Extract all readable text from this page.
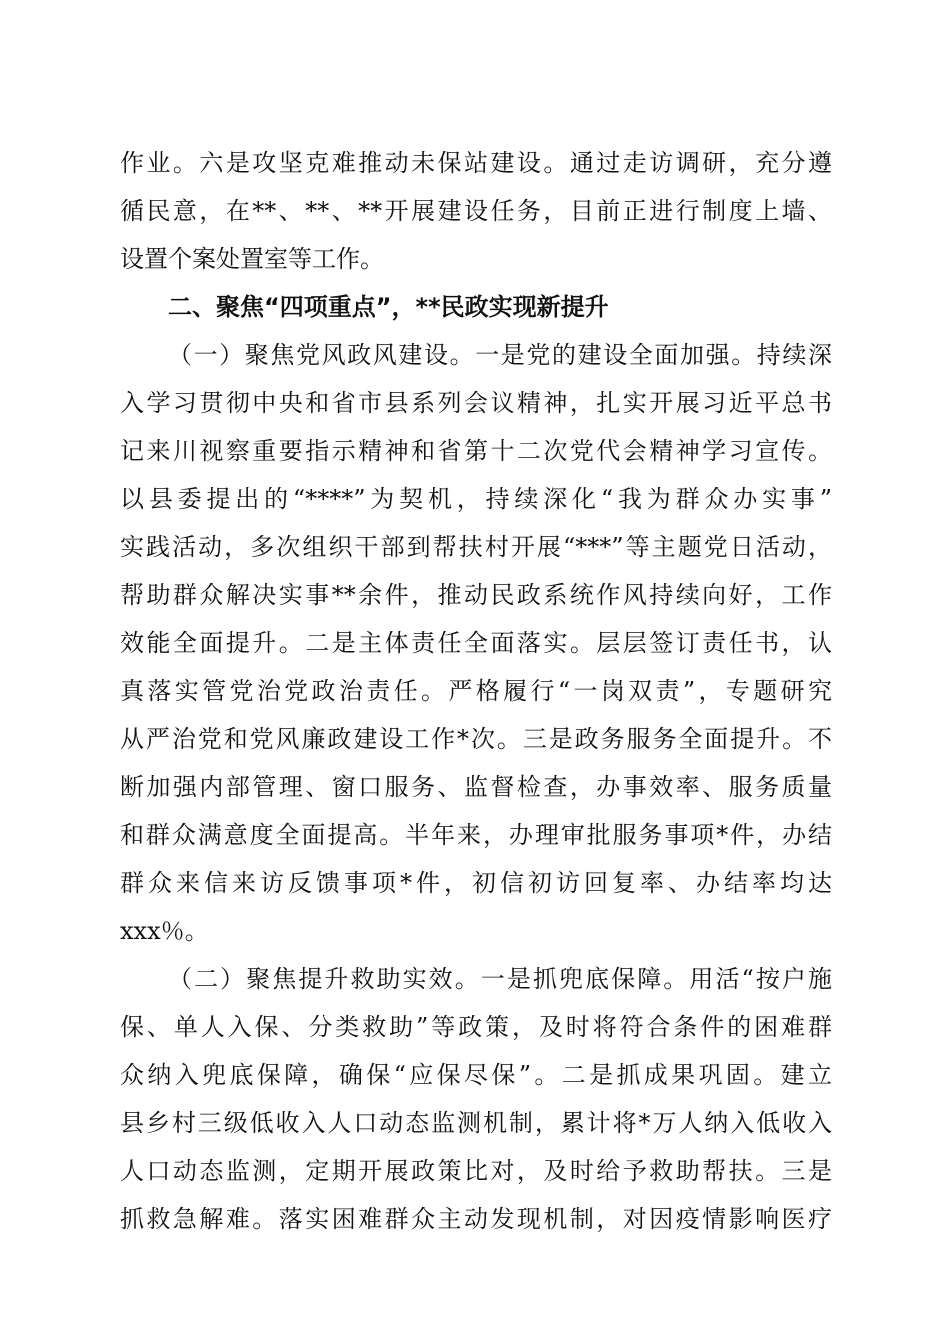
作业。六是攻坚克难推动未保站建设。通过走访调研，充分遵
循民意，在**、**、**开展建设任务，目前正进行制度上墙、
设置个案处置室等工作。
二、聚焦“四项重点”，**民政实现新提升
（一）聚焦党风政风建设。一是党的建设全面加强。持续深
入学习贯彻中央和省市县系列会议精神，扎实开展习近平总书
记来川视察重要指示精神和省第十二次党代会精神学习宣传。
以县委提出的“****”为契机，持续深化“我为群众办实事”
实践活动，多次组织干部到帮扶村开展“***”等主题党日活动，
帮助群众解决实事**余件，推动民政系统作风持续向好，工作
效能全面提升。二是主体责任全面落实。层层签订责任书，认
真落实管党治党政治责任。严格履行“一岗双责”，专题研究
从严治党和党风廉政建设工作*次。三是政务服务全面提升。不
断加强内部管理、窗口服务、监督检查，办事效率、服务质量
和群众满意度全面提高。半年来，办理审批服务事项*件，办结
群众来信来访反馈事项*件，初信初访回复率、办结率均达
xxx％。
（二）聚焦提升救助实效。一是抓兜底保障。用活“按户施
保、单人入保、分类救助”等政策，及时将符合条件的困难群
众纳入兜底保障，确保“应保尽保”。二是抓成果巩固。建立
县乡村三级低收入人口动态监测机制，累计将*万人纳入低收入
人口动态监测，定期开展政策比对，及时给予救助帮扶。三是
抓救急解难。落实困难群众主动发现机制，对因疫情影响医疗
